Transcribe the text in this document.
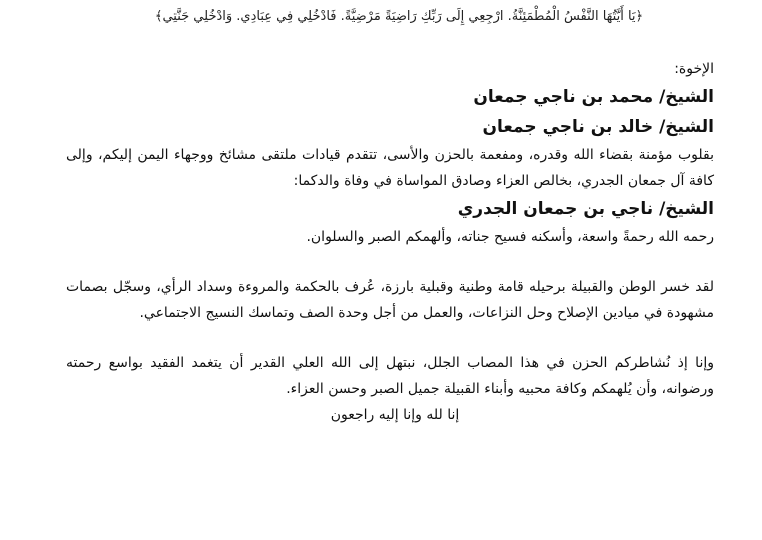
﴿يَا أَيَّتُهَا النَّفْسُ الْمُطْمَئِنَّةُ. ارْجِعِي إِلَى رَبِّكِ رَاضِيَةً مَرْضِيَّةً. فَادْخُلِي فِي عِبَادِي. وَادْخُلِي جَنَّتِي﴾

الإخوة:

الشيخ/ محمد بن ناجي جمعان

الشيخ/ خالد بن ناجي جمعان

بقلوب مؤمنة بقضاء الله وقدره، ومفعمة بالحزن والأسى، تتقدم قيادات ملتقى مشائخ ووجهاء اليمن إليكم، وإلى كافة آل جمعان الجدري، بخالص العزاء وصادق المواساة في وفاة والدكما:

الشيخ/ ناجي بن جمعان الجدري

رحمه الله رحمةً واسعة، وأسكنه فسيح جناته، وألهمكم الصبر والسلوان.

لقد خسر الوطن والقبيلة برحيله قامة وطنية وقبلية بارزة، عُرف بالحكمة والمروءة وسداد الرأي، وسجّل بصمات مشهودة في ميادين الإصلاح وحل النزاعات، والعمل من أجل وحدة الصف وتماسك النسيج الاجتماعي.

وإنا إذ نُشاطركم الحزن في هذا المصاب الجلل، نبتهل إلى الله العلي القدير أن يتغمد الفقيد بواسع رحمته ورضوانه، وأن يُلهمكم وكافة محبيه وأبناء القبيلة جميل الصبر وحسن العزاء.

إنا لله وإنا إليه راجعون
